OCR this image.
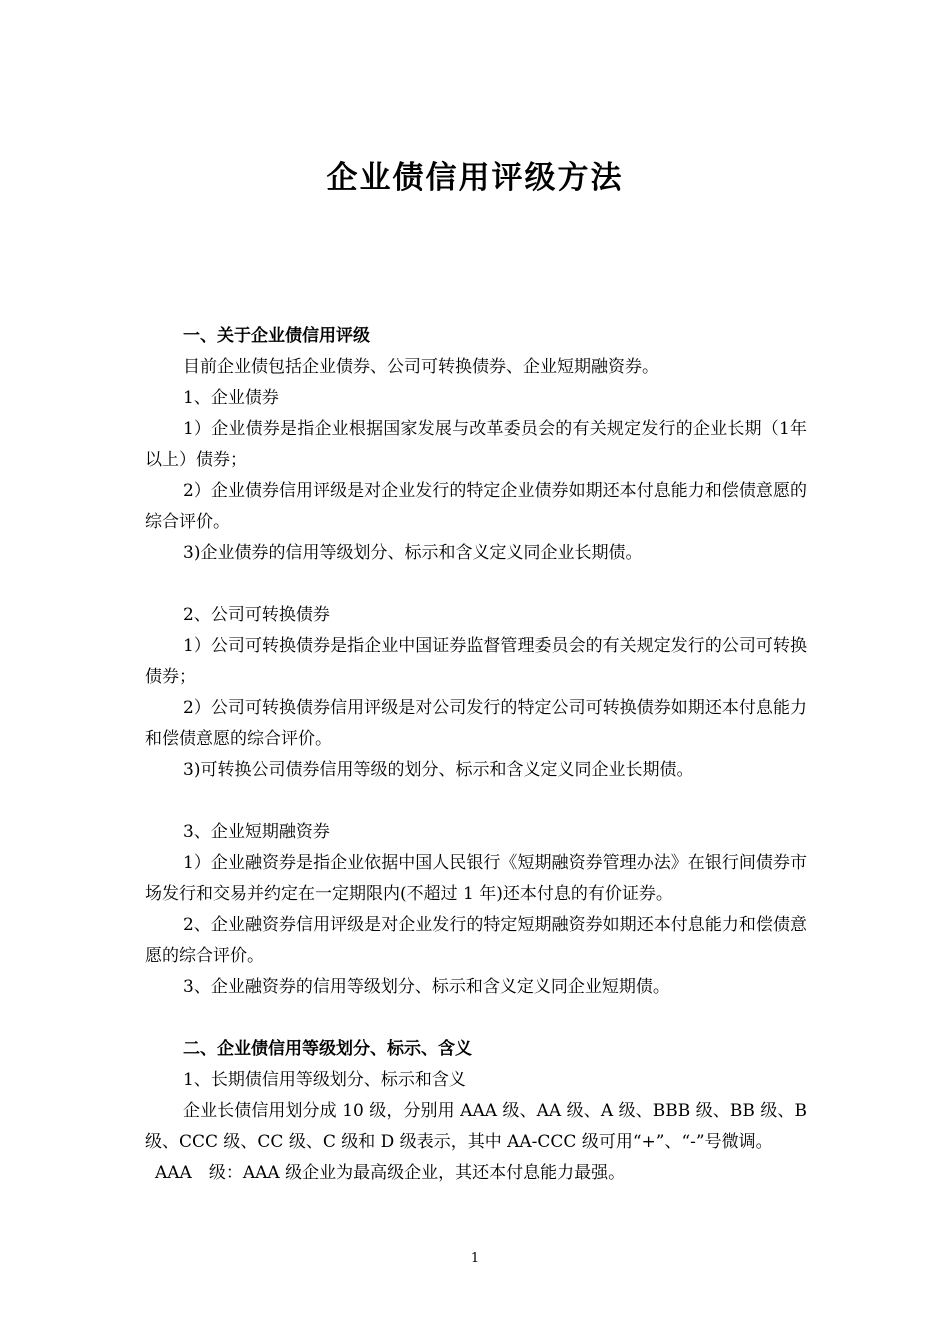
企业债信用评级方法

一、关于企业债信用评级

目前企业债包括企业债券、公司可转换债券、企业短期融资券。

1、企业债券

1）企业债券是指企业根据国家发展与改革委员会的有关规定发行的企业长期（1年以上）债券；

2）企业债券信用评级是对企业发行的特定企业债券如期还本付息能力和偿债意愿的综合评价。

3)企业债券的信用等级划分、标示和含义定义同企业长期债。

2、公司可转换债券

1）公司可转换债券是指企业中国证券监督管理委员会的有关规定发行的公司可转换债券；

2）公司可转换债券信用评级是对公司发行的特定公司可转换债券如期还本付息能力和偿债意愿的综合评价。

3)可转换公司债券信用等级的划分、标示和含义定义同企业长期债。

3、企业短期融资券

1）企业融资券是指企业依据中国人民银行《短期融资券管理办法》在银行间债券市场发行和交易并约定在一定期限内(不超过 1 年)还本付息的有价证券。

2、企业融资券信用评级是对企业发行的特定短期融资券如期还本付息能力和偿债意愿的综合评价。

3、企业融资券的信用等级划分、标示和含义定义同企业短期债。

二、企业债信用等级划分、标示、含义

1、长期债信用等级划分、标示和含义

企业长债信用划分成 10 级，分别用 AAA 级、AA 级、A 级、BBB 级、BB 级、B 级、CCC 级、CC 级、C 级和 D 级表示，其中 AA-CCC 级可用“+”、“-”号微调。

AAA　级：AAA 级企业为最高级企业，其还本付息能力最强。

1
